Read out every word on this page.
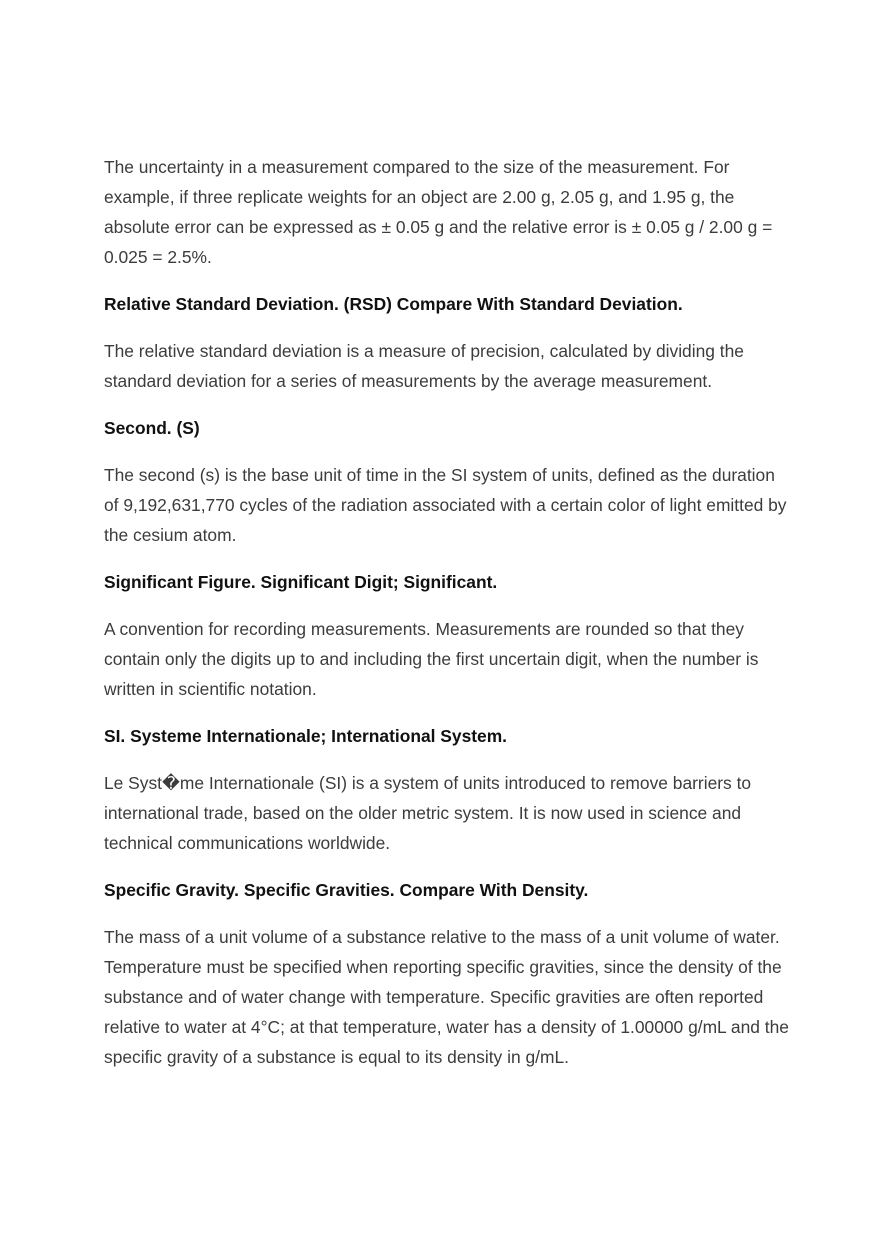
The uncertainty in a measurement compared to the size of the measurement. For example, if three replicate weights for an object are 2.00 g, 2.05 g, and 1.95 g, the absolute error can be expressed as ± 0.05 g and the relative error is ± 0.05 g / 2.00 g = 0.025 = 2.5%.

Relative Standard Deviation. (RSD) Compare With Standard Deviation.

The relative standard deviation is a measure of precision, calculated by dividing the standard deviation for a series of measurements by the average measurement.

Second. (S)

The second (s) is the base unit of time in the SI system of units, defined as the duration of 9,192,631,770 cycles of the radiation associated with a certain color of light emitted by the cesium atom.

Significant Figure. Significant Digit; Significant.

A convention for recording measurements. Measurements are rounded so that they contain only the digits up to and including the first uncertain digit, when the number is written in scientific notation.

SI. Systeme Internationale; International System.

Le Syst�me Internationale (SI) is a system of units introduced to remove barriers to international trade, based on the older metric system. It is now used in science and technical communications worldwide.

Specific Gravity. Specific Gravities. Compare With Density.

The mass of a unit volume of a substance relative to the mass of a unit volume of water. Temperature must be specified when reporting specific gravities, since the density of the substance and of water change with temperature. Specific gravities are often reported relative to water at 4°C; at that temperature, water has a density of 1.00000 g/mL and the specific gravity of a substance is equal to its density in g/mL.
